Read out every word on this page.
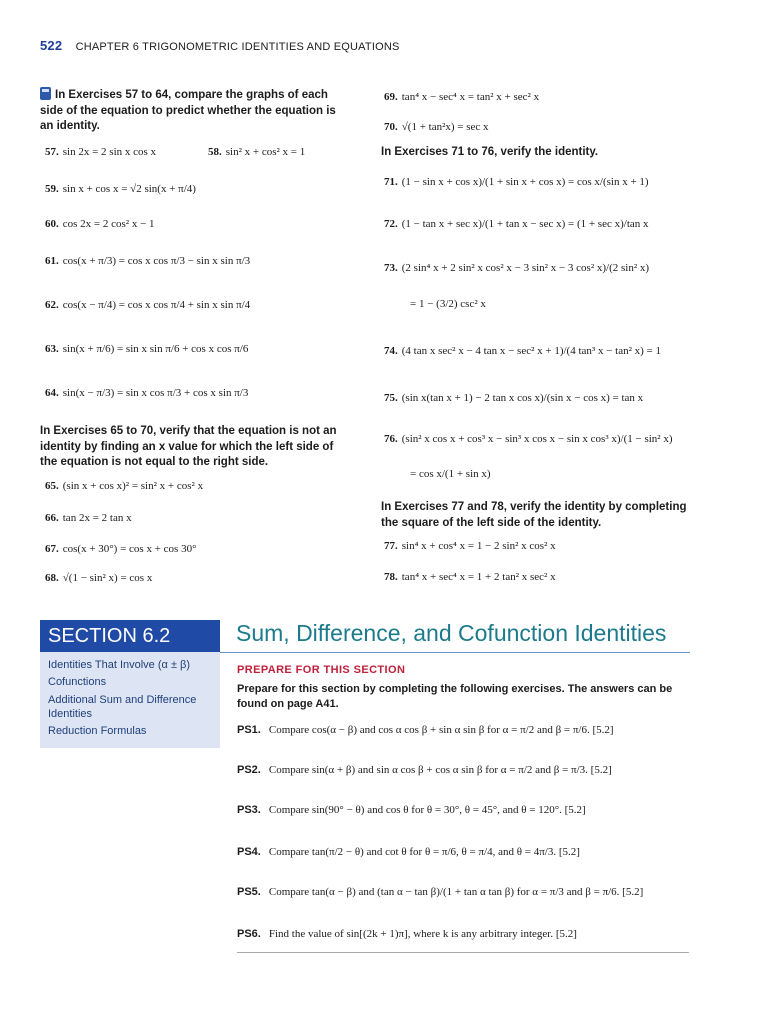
522 CHAPTER 6 TRIGONOMETRIC IDENTITIES AND EQUATIONS
In Exercises 57 to 64, compare the graphs of each side of the equation to predict whether the equation is an identity.
57. sin 2x = 2 sin x cos x	58. sin² x + cos² x = 1
59. sin x + cos x = √2 sin(x + π/4)
60. cos 2x = 2 cos² x − 1
61. cos(x + π/3) = cos x cos π/3 − sin x sin π/3
62. cos(x − π/4) = cos x cos π/4 + sin x sin π/4
63. sin(x + π/6) = sin x sin π/6 + cos x cos π/6
64. sin(x − π/3) = sin x cos π/3 + cos x sin π/3
In Exercises 65 to 70, verify that the equation is not an identity by finding an x value for which the left side of the equation is not equal to the right side.
65. (sin x + cos x)² = sin² x + cos² x
66. tan 2x = 2 tan x
67. cos(x + 30°) = cos x + cos 30°
68. √(1 − sin² x) = cos x
69. tan⁴ x − sec⁴ x = tan² x + sec² x
70. √(1 + tan²x) = sec x
In Exercises 71 to 76, verify the identity.
71. (1 − sin x + cos x)/(1 + sin x + cos x) = cos x/(sin x + 1)
72. (1 − tan x + sec x)/(1 + tan x − sec x) = (1 + sec x)/tan x
73. (2 sin⁴ x + 2 sin² x cos² x − 3 sin² x − 3 cos² x)/(2 sin² x)
= 1 − (3/2) csc² x
74. (4 tan x sec² x − 4 tan x − sec² x + 1)/(4 tan³ x − tan² x) = 1
75. (sin x(tan x + 1) − 2 tan x cos x)/(sin x − cos x) = tan x
76. (sin² x cos x + cos³ x − sin³ x cos x − sin x cos³ x)/(1 − sin² x)
= cos x/(1 + sin x)
In Exercises 77 and 78, verify the identity by completing the square of the left side of the identity.
77. sin⁴ x + cos⁴ x = 1 − 2 sin² x cos² x
78. tan⁴ x + sec⁴ x = 1 + 2 tan² x sec² x
SECTION 6.2	Sum, Difference, and Cofunction Identities
Identities That Involve (α ± β)
Cofunctions
Additional Sum and Difference Identities
Reduction Formulas
PREPARE FOR THIS SECTION
Prepare for this section by completing the following exercises. The answers can be found on page A41.
PS1. Compare cos(α − β) and cos α cos β + sin α sin β for α = π/2 and β = π/6. [5.2]
PS2. Compare sin(α + β) and sin α cos β + cos α sin β for α = π/2 and β = π/3. [5.2]
PS3. Compare sin(90° − θ) and cos θ for θ = 30°, θ = 45°, and θ = 120°. [5.2]
PS4. Compare tan(π/2 − θ) and cot θ for θ = π/6, θ = π/4, and θ = 4π/3. [5.2]
PS5. Compare tan(α − β) and (tan α − tan β)/(1 + tan α tan β) for α = π/3 and β = π/6. [5.2]
PS6. Find the value of sin[(2k + 1)π], where k is any arbitrary integer. [5.2]
